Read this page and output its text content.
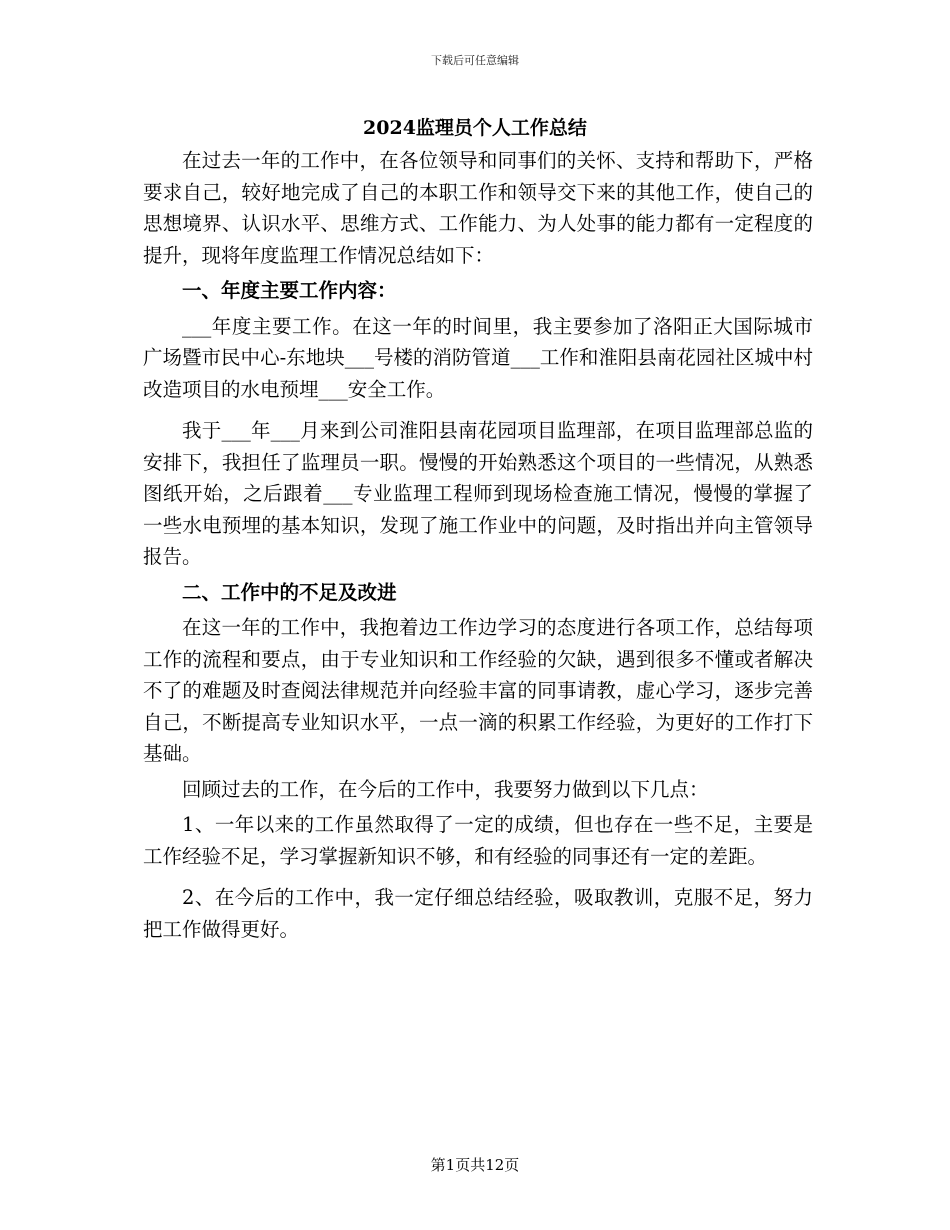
下载后可任意编辑
2024监理员个人工作总结

在过去一年的工作中，在各位领导和同事们的关怀、支持和帮助下，严格要求自己，较好地完成了自己的本职工作和领导交下来的其他工作，使自己的思想境界、认识水平、思维方式、工作能力、为人处事的能力都有一定程度的提升，现将年度监理工作情况总结如下：

一、年度主要工作内容：

___年度主要工作。在这一年的时间里，我主要参加了洛阳正大国际城市广场暨市民中心-东地块___号楼的消防管道___工作和淮阳县南花园社区城中村改造项目的水电预埋___安全工作。

我于___年___月来到公司淮阳县南花园项目监理部，在项目监理部总监的安排下，我担任了监理员一职。慢慢的开始熟悉这个项目的一些情况，从熟悉图纸开始，之后跟着___专业监理工程师到现场检查施工情况，慢慢的掌握了一些水电预埋的基本知识，发现了施工作业中的问题，及时指出并向主管领导报告。

二、工作中的不足及改进

在这一年的工作中，我抱着边工作边学习的态度进行各项工作，总结每项工作的流程和要点，由于专业知识和工作经验的欠缺，遇到很多不懂或者解决不了的难题及时查阅法律规范并向经验丰富的同事请教，虚心学习，逐步完善自己，不断提高专业知识水平，一点一滴的积累工作经验，为更好的工作打下基础。

回顾过去的工作，在今后的工作中，我要努力做到以下几点：

1、一年以来的工作虽然取得了一定的成绩，但也存在一些不足，主要是工作经验不足，学习掌握新知识不够，和有经验的同事还有一定的差距。

2、在今后的工作中，我一定仔细总结经验，吸取教训，克服不足，努力把工作做得更好。

第1页共12页
